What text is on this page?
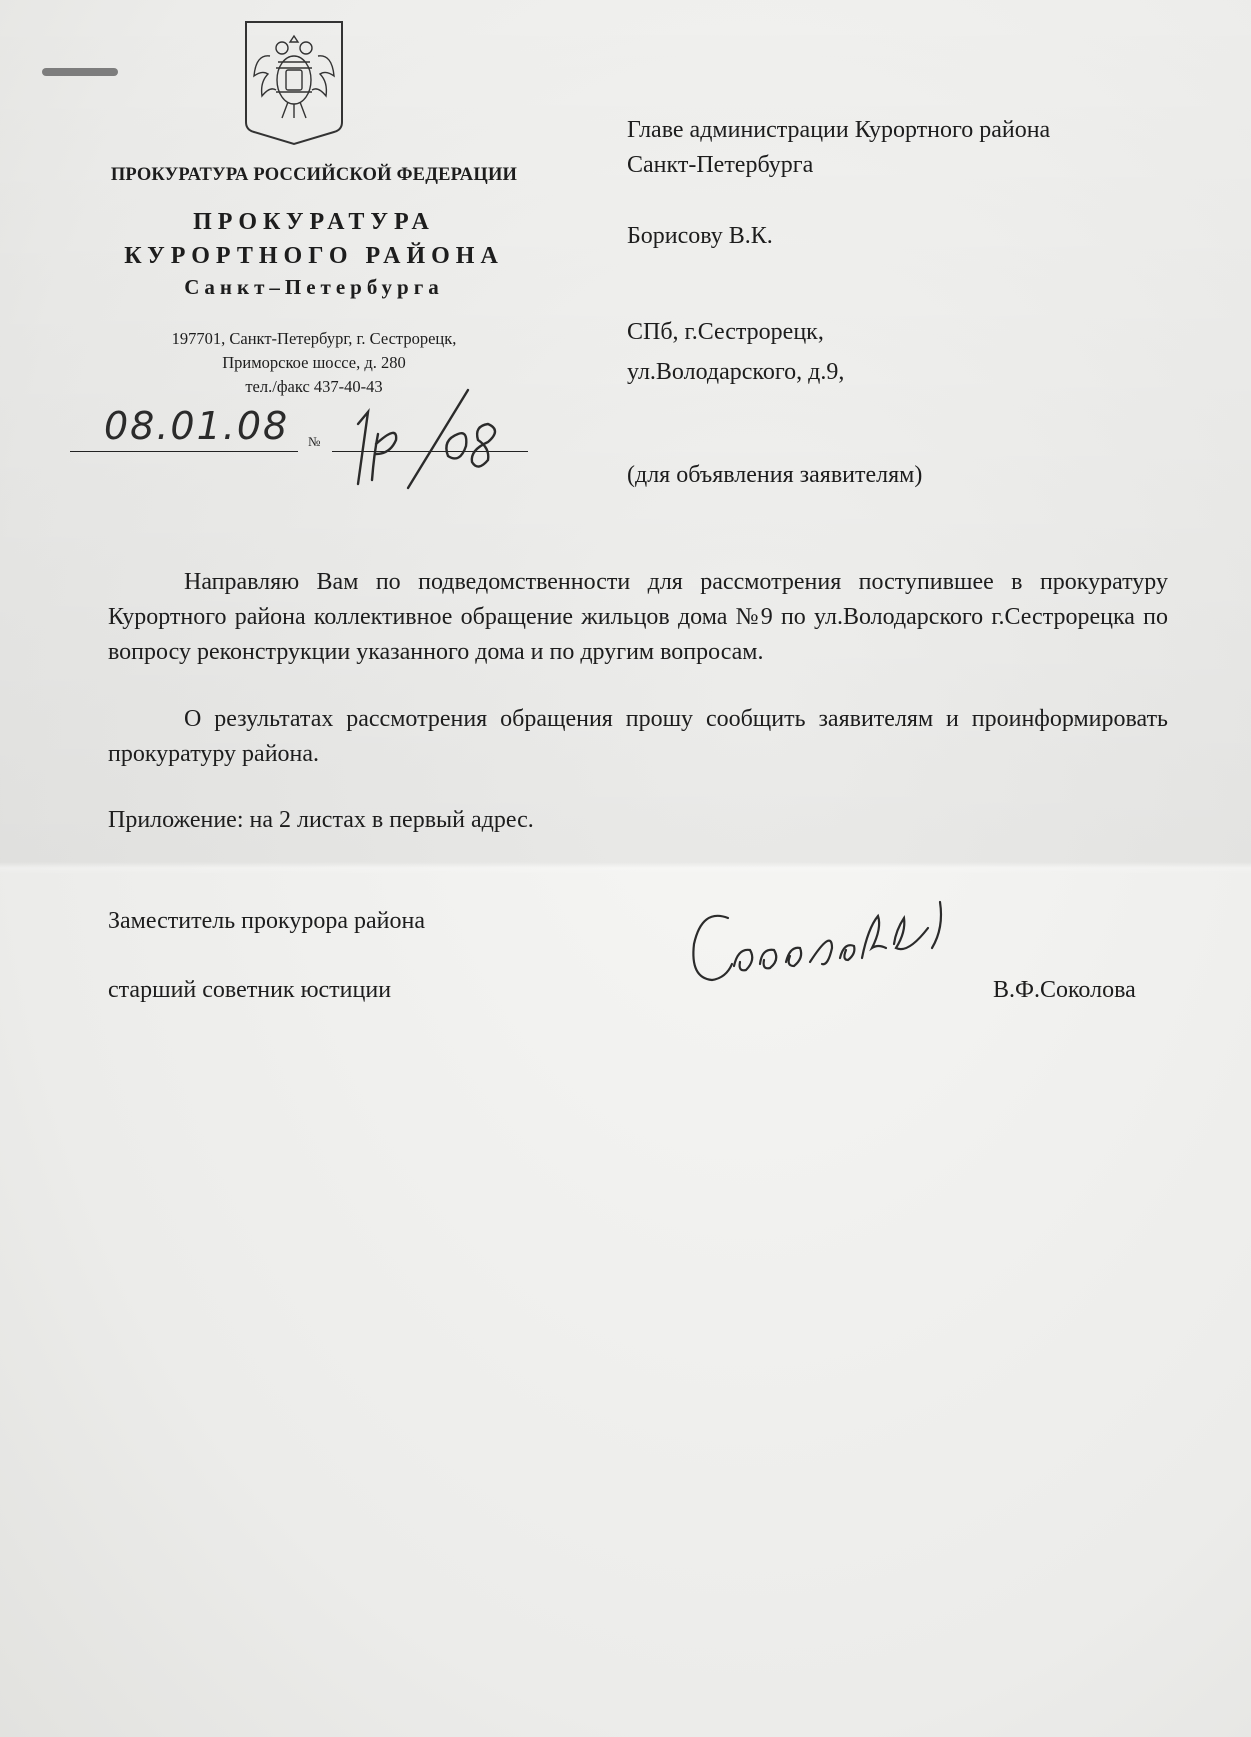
ПРОКУРАТУРА РОССИЙСКОЙ ФЕДЕРАЦИИ
ПРОКУРАТУРА
КУРОРТНОГО РАЙОНА
Санкт–Петербурга
197701, Санкт-Петербург, г. Сестрорецк,
Приморское шоссе, д. 280
тел./факс 437-40-43
08.01.08 №
Главе администрации Курортного района
Санкт-Петербурга
Борисову В.К.
СПб, г.Сестрорецк,
ул.Володарского, д.9,
(для объявления заявителям)
Направляю Вам по подведомственности для рассмотрения поступившее в прокуратуру Курортного района коллективное обращение жильцов дома №9 по ул.Володарского г.Сестрорецка по вопросу реконструкции указанного дома и по другим вопросам.
О результатах рассмотрения обращения прошу сообщить заявителям и проинформировать прокуратуру района.
Приложение: на 2 листах в первый адрес.
Заместитель прокурора района
старший советник юстиции	В.Ф.Соколова
